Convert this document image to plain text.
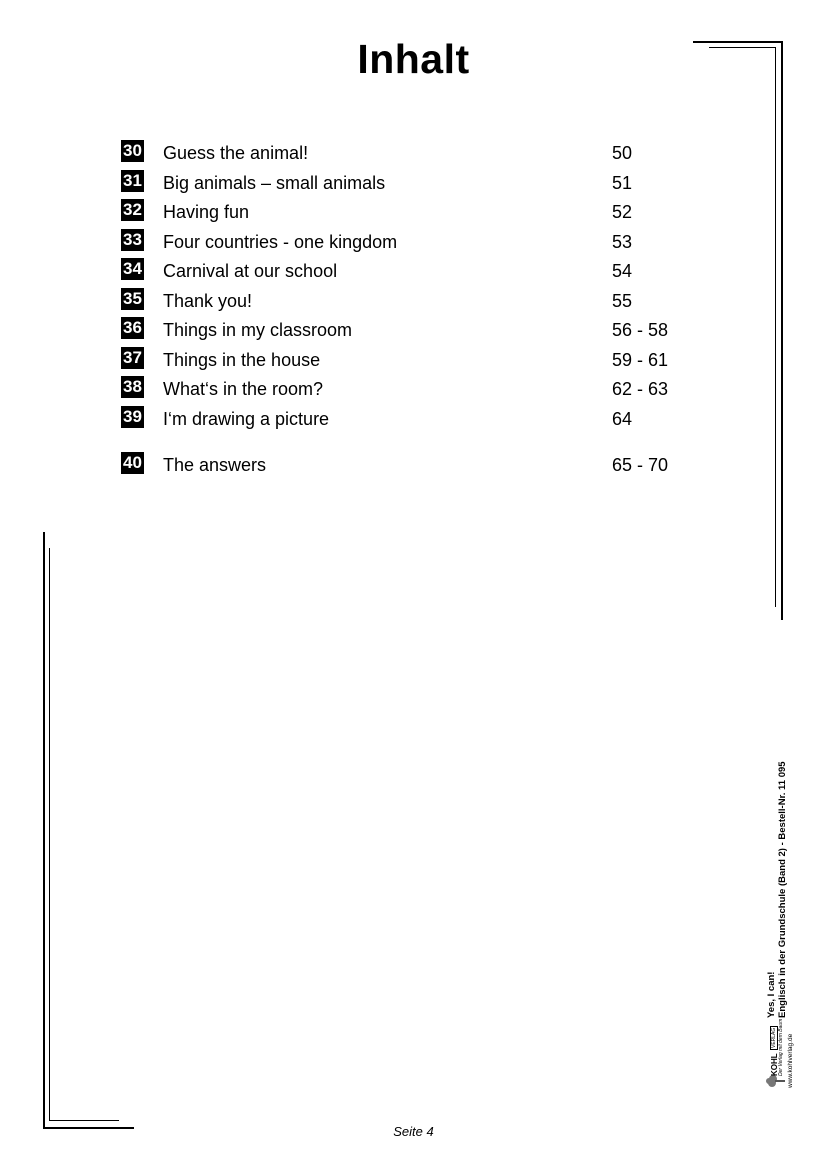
Inhalt
30 Guess the animal!	50
31 Big animals – small animals	51
32 Having fun	52
33 Four countries - one kingdom	53
34 Carnival at our school	54
35 Thank you!	55
36 Things in my classroom	56 - 58
37 Things in the house	59 - 61
38 What‘s in the room?	62 - 63
39 I‘m drawing a picture	64
40 The answers	65 - 70
Seite 4
KOHL
VERLAG Der Verlag mit dem Baum www.kohlverlag.de
Yes, I can! Englisch in der Grundschule (Band 2) - Bestell-Nr. 11 095
